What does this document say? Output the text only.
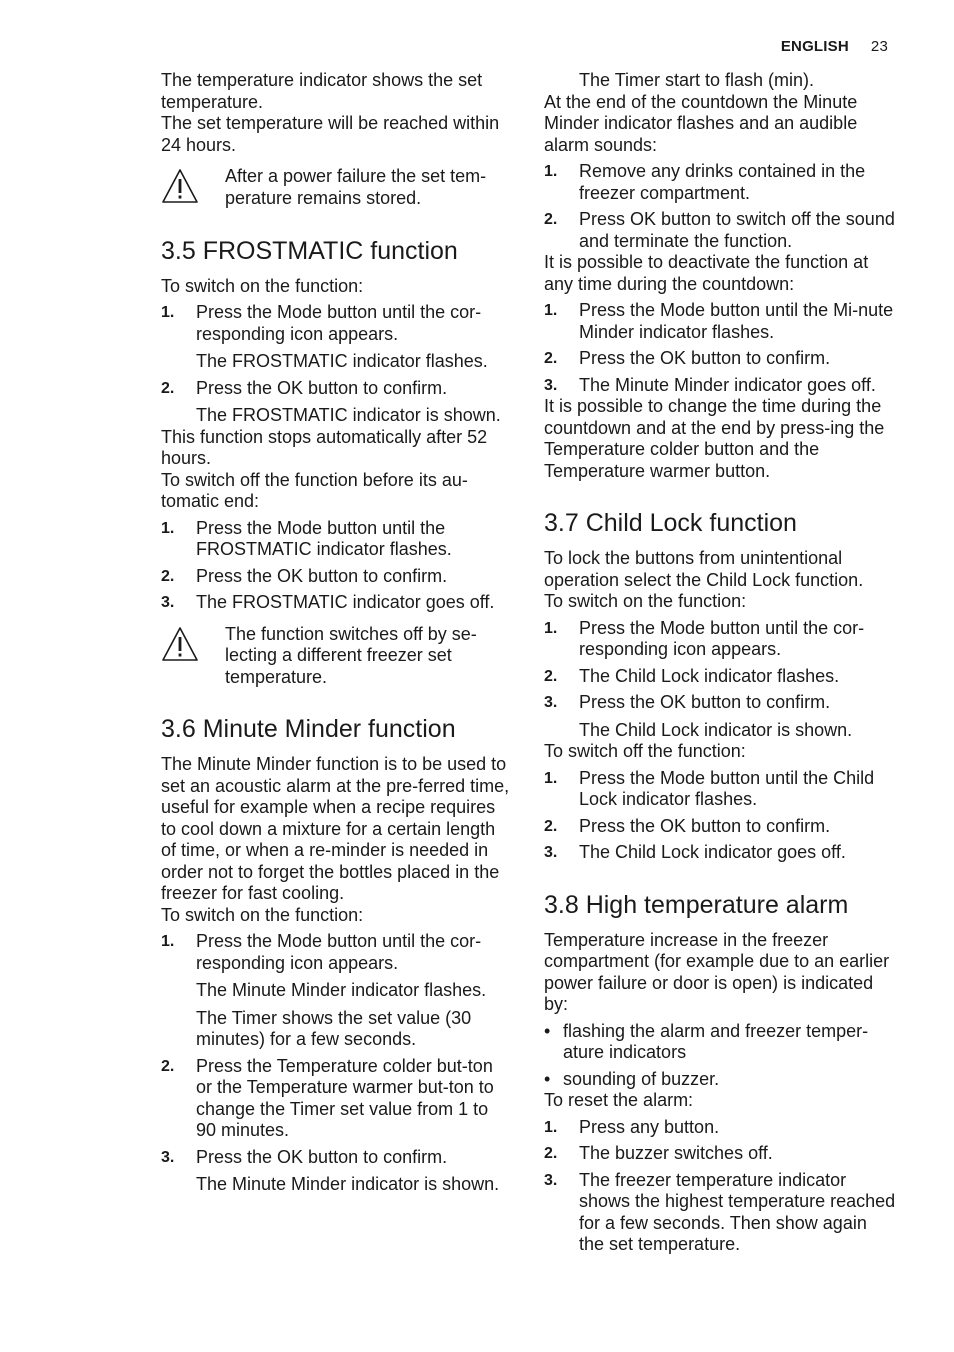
ENGLISH 23

The temperature indicator shows the set temperature.

The set temperature will be reached within 24 hours.

After a power failure the set tem-perature remains stored.
3.5 FROSTMATIC function

To switch on the function:

1.	Press the Mode button until the cor-responding icon appears.

The FROSTMATIC indicator flashes.

2.	Press the OK button to confirm.

The FROSTMATIC indicator is shown.

This function stops automatically after 52 hours.

To switch off the function before its au-tomatic end:

1.	Press the Mode button until the FROSTMATIC indicator flashes.
2.	Press the OK button to confirm.
3.	The FROSTMATIC indicator goes off.
The function switches off by se-lecting a different freezer set temperature.
3.6 Minute Minder function

The Minute Minder function is to be used to set an acoustic alarm at the pre-ferred time, useful for example when a recipe requires to cool down a mixture for a certain length of time, or when a re-minder is needed in order not to forget the bottles placed in the freezer for fast cooling.

To switch on the function:

1.	Press the Mode button until the cor-responding icon appears.

The Minute Minder indicator flashes.

The Timer shows the set value (30 minutes) for a few seconds.

2.	Press the Temperature colder but-ton or the Temperature warmer but-ton to change the Timer set value from 1 to 90 minutes.
3.	Press the OK button to confirm.

The Minute Minder indicator is shown.

The Timer start to flash (min).

At the end of the countdown the Minute Minder indicator flashes and an audible alarm sounds:

1.	Remove any drinks contained in the freezer compartment.
2.	Press OK button to switch off the sound and terminate the function.

It is possible to deactivate the function at any time during the countdown:

1.	Press the Mode button until the Mi-nute Minder indicator flashes.
2.	Press the OK button to confirm.
3.	The Minute Minder indicator goes off.

It is possible to change the time during the countdown and at the end by press-ing the Temperature colder button and the Temperature warmer button.

3.7 Child Lock function

To lock the buttons from unintentional operation select the Child Lock function.

To switch on the function:

1.	Press the Mode button until the cor-responding icon appears.
2.	The Child Lock indicator flashes.
3.	Press the OK button to confirm.

The Child Lock indicator is shown.

To switch off the function:

1.	Press the Mode button until the Child Lock indicator flashes.
2.	Press the OK button to confirm.
3.	The Child Lock indicator goes off.
3.8 High temperature alarm

Temperature increase in the freezer compartment (for example due to an earlier power failure or door is open) is indicated by:

• flashing the alarm and freezer temper-ature indicators
• sounding of buzzer.

To reset the alarm:

1.	Press any button.
2.	The buzzer switches off.
3.	The freezer temperature indicator shows the highest temperature reached for a few seconds. Then show again the set temperature.
